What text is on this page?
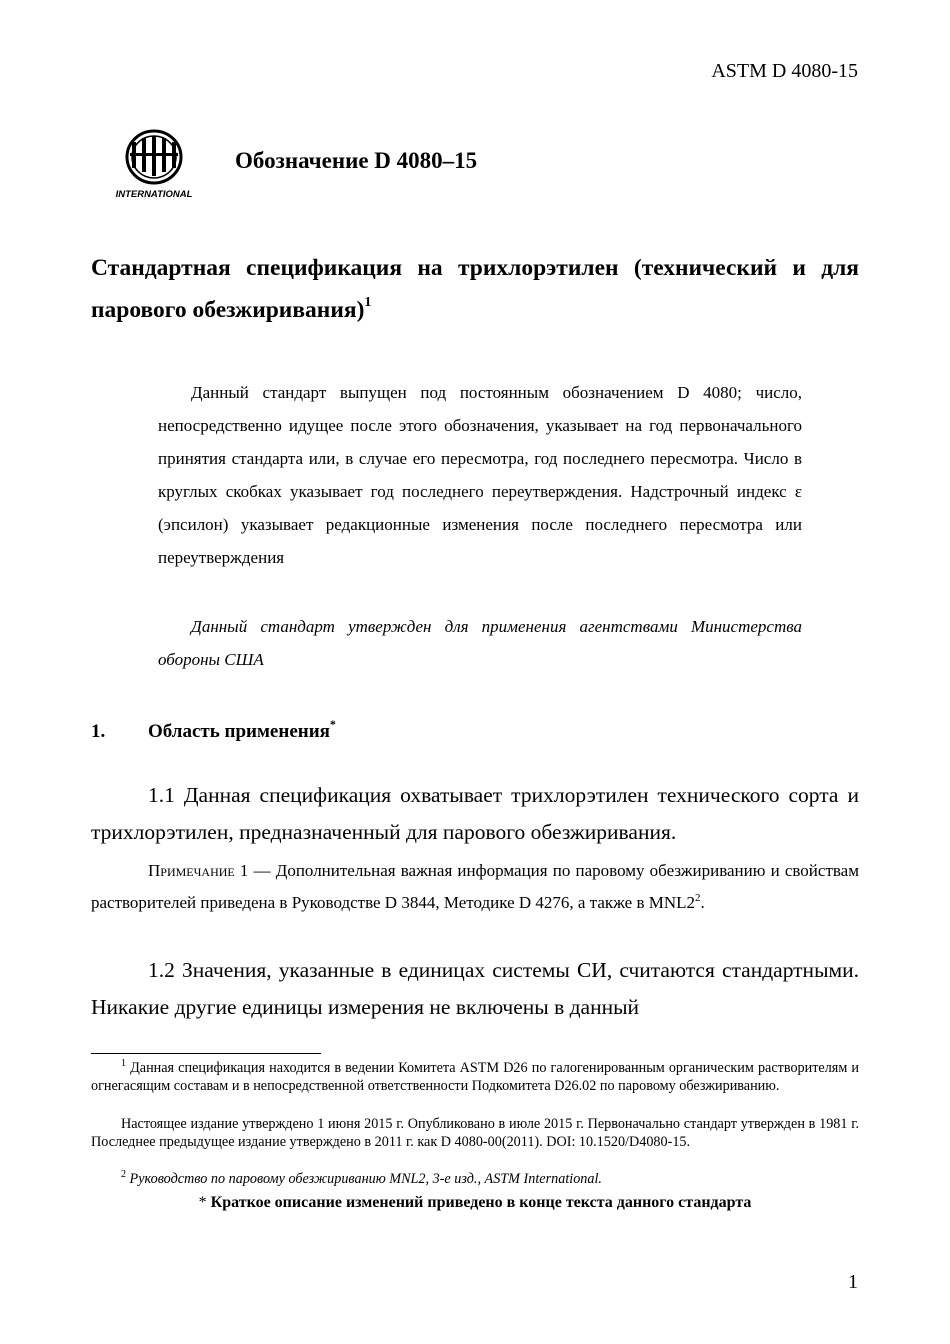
ASTM D 4080-15
INTERNATIONAL
Обозначение D 4080–15
Стандартная спецификация на трихлорэтилен (технический и для парового обезжиривания)$^1$
Данный стандарт выпущен под постоянным обозначением D 4080; число, непосредственно идущее после этого обозначения, указывает на год первоначального принятия стандарта или, в случае его пересмотра, год последнего пересмотра. Число в круглых скобках указывает год последнего переутверждения. Надстрочный индекс ε (эпсилон) указывает редакционные изменения после последнего пересмотра или переутверждения
Данный стандарт утвержден для применения агентствами Министерства обороны США
1. Область применения*
1.1 Данная спецификация охватывает трихлорэтилен технического сорта и трихлорэтилен, предназначенный для парового обезжиривания.
Примечание 1 — Дополнительная важная информация по паровому обезжириванию и свойствам растворителей приведена в Руководстве D 3844, Методике D 4276, а также в $MNL2^2$.
1.2 Значения, указанные в единицах системы СИ, считаются стандартными. Никакие другие единицы измерения не включены в данный
$^1$ Данная спецификация находится в ведении Комитета ASTM D26 по галогенированным органическим растворителям и огнегасящим составам и в непосредственной ответственности Подкомитета D26.02 по паровому обезжириванию.
Настоящее издание утверждено 1 июня 2015 г. Опубликовано в июле 2015 г. Первоначально стандарт утвержден в 1981 г. Последнее предыдущее издание утверждено в 2011 г. как D 4080-00(2011). DOI: 10.1520/D4080-15.
$^2$ Руководство по паровому обезжириванию MNL2, 3-е изд., ASTM International.
* Краткое описание изменений приведено в конце текста данного стандарта
1
